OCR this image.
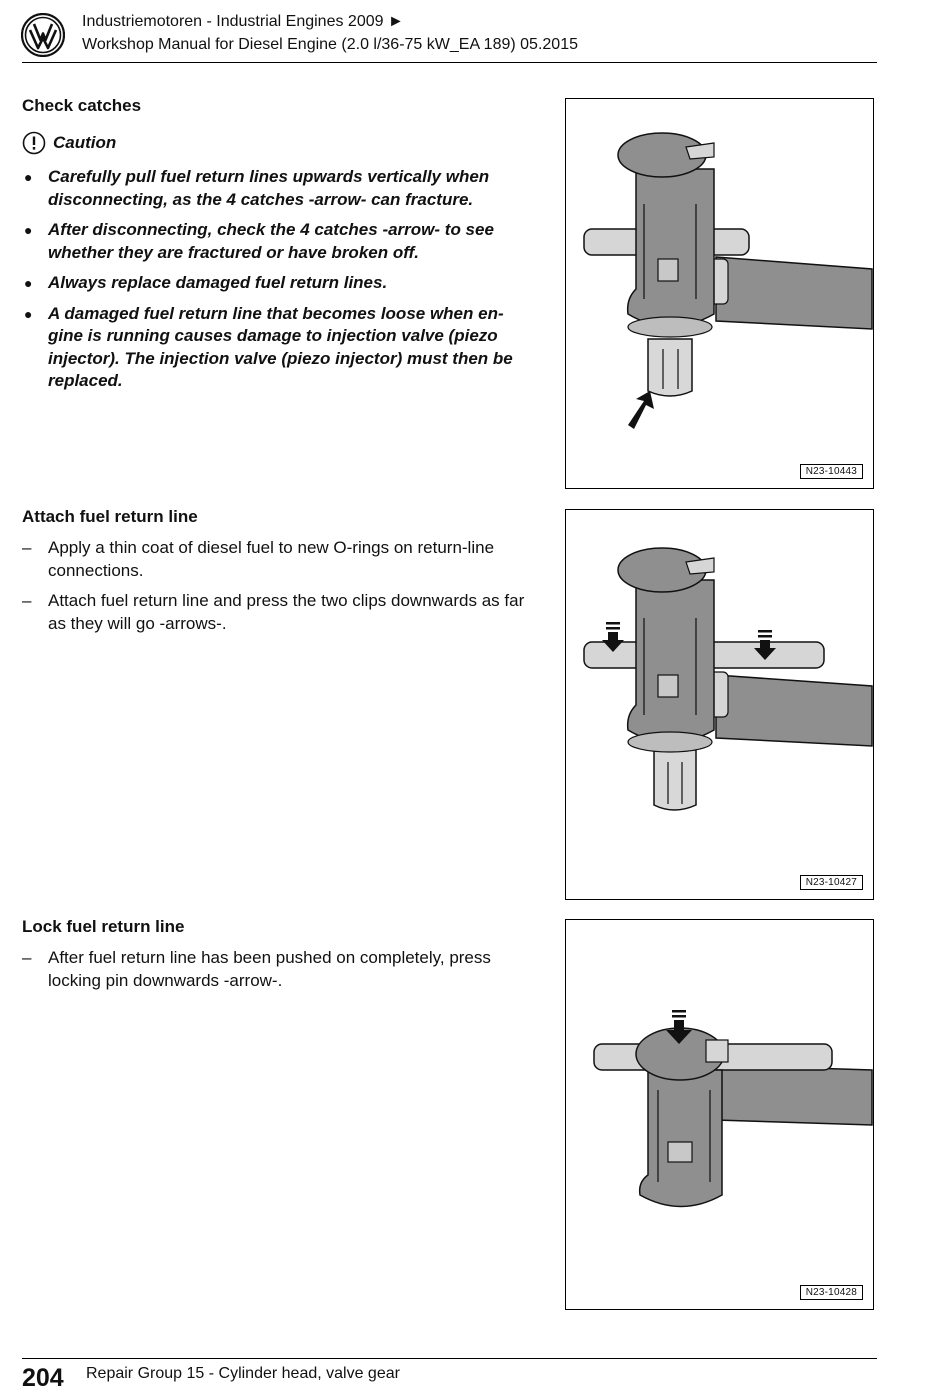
Industriemotoren - Industrial Engines 2009 ►
Workshop Manual for Diesel Engine (2.0 l/36-75 kW_EA 189) 05.2015
Check catches
Caution
● Carefully pull fuel return lines upwards vertically when disconnecting, as the 4 catches -arrow- can fracture.
● After disconnecting, check the 4 catches -arrow- to see whether they are fractured or have broken off.
● Always replace damaged fuel return lines.
● A damaged fuel return line that becomes loose when engine is running causes damage to injection valve (piezo injector). The injection valve (piezo injector) must then be replaced.
N23-10443
Attach fuel return line
– Apply a thin coat of diesel fuel to new O-rings on return-line connections.
– Attach fuel return line and press the two clips downwards as far as they will go -arrows-.
N23-10427
Lock fuel return line
– After fuel return line has been pushed on completely, press locking pin downwards -arrow-.
N23-10428
204 Repair Group 15 - Cylinder head, valve gear
